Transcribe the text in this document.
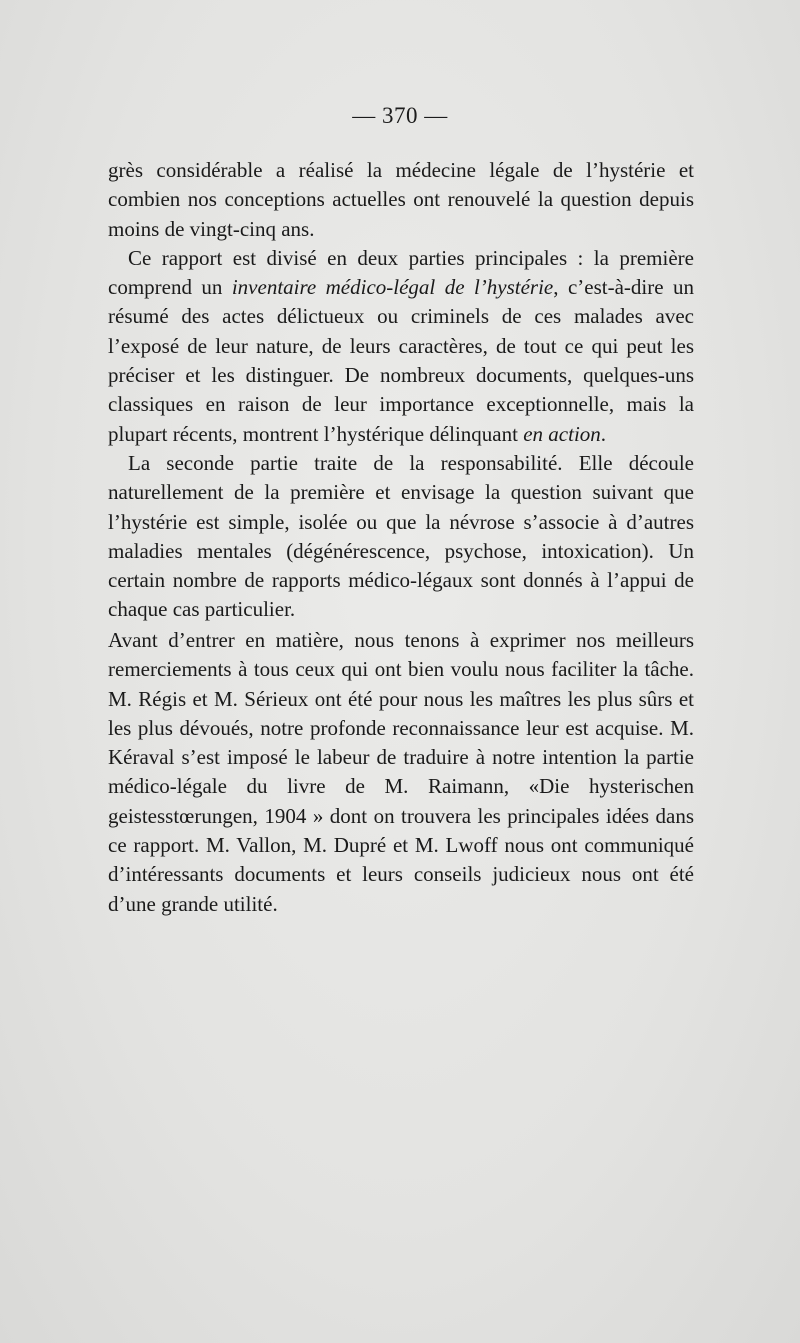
— 370 —

grès considérable a réalisé la médecine légale de l’hystérie et combien nos conceptions actuelles ont renouvelé la question depuis moins de vingt-cinq ans.

Ce rapport est divisé en deux parties principales : la première comprend un inventaire médico-légal de l’hystérie, c’est-à-dire un résumé des actes délictueux ou criminels de ces malades avec l’exposé de leur nature, de leurs caractères, de tout ce qui peut les préciser et les distinguer. De nombreux documents, quelques-uns classiques en raison de leur importance exceptionnelle, mais la plupart récents, montrent l’hystérique délinquant en action.

La seconde partie traite de la responsabilité. Elle découle naturellement de la première et envisage la question suivant que l’hystérie est simple, isolée ou que la névrose s’associe à d’autres maladies mentales (dégénérescence, psychose, intoxication). Un certain nombre de rapports médico-légaux sont donnés à l’appui de chaque cas particulier.

Avant d’entrer en matière, nous tenons à exprimer nos meilleurs remerciements à tous ceux qui ont bien voulu nous faciliter la tâche. M. Régis et M. Sérieux ont été pour nous les maîtres les plus sûrs et les plus dévoués, notre profonde reconnaissance leur est acquise. M. Kéraval s’est imposé le labeur de traduire à notre intention la partie médico-légale du livre de M. Raimann, «Die hysterischen geistesstœrungen, 1904 » dont on trouvera les principales idées dans ce rapport. M. Vallon, M. Dupré et M. Lwoff nous ont communiqué d’intéressants documents et leurs conseils judicieux nous ont été d’une grande utilité.
